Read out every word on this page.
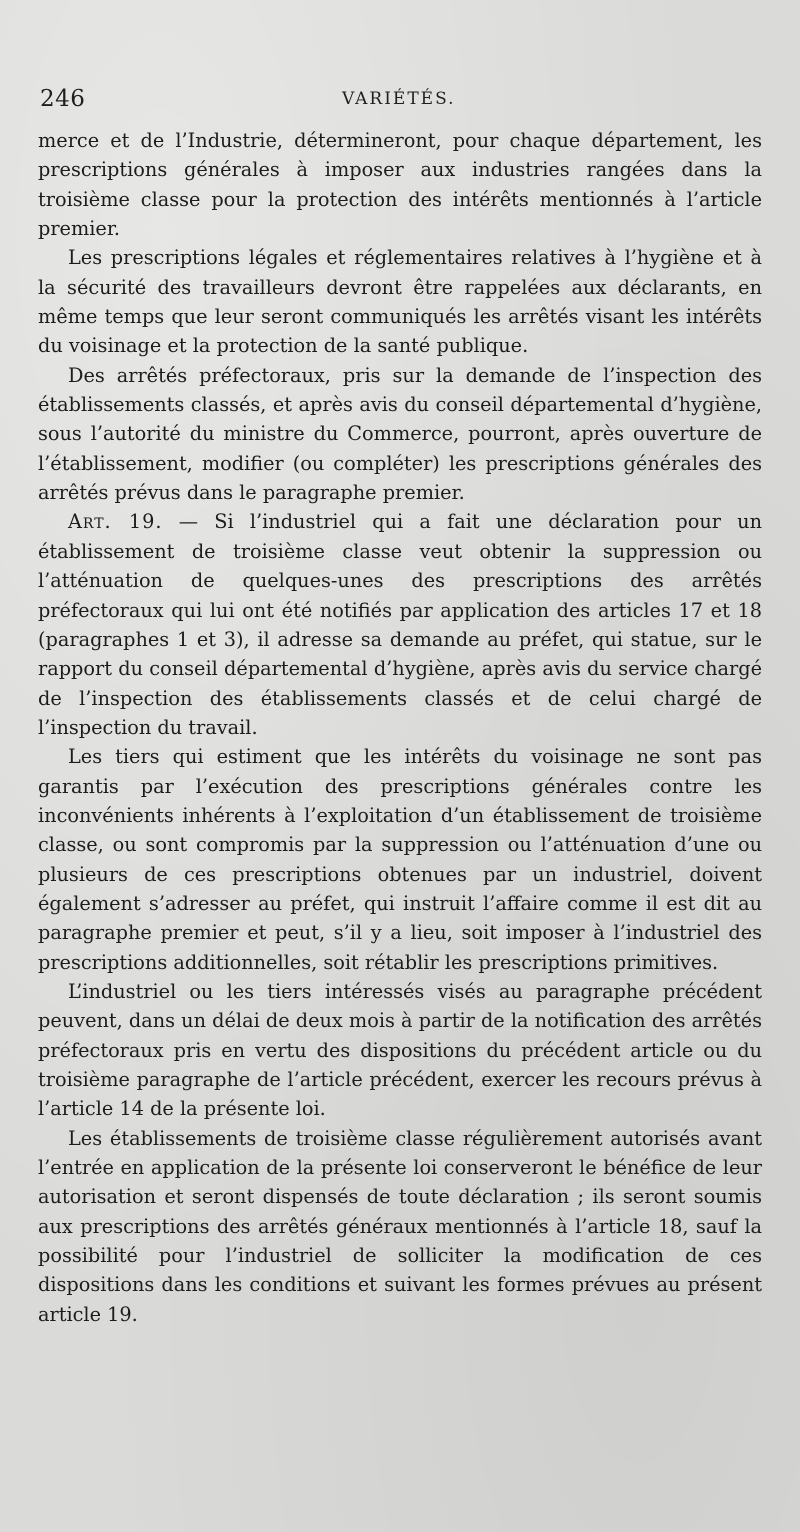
246	VARIÉTÉS.

merce et de l’Industrie, détermineront, pour chaque département, les prescriptions générales à imposer aux industries rangées dans la troisième classe pour la protection des intérêts mentionnés à l’article premier.

Les prescriptions légales et réglementaires relatives à l’hygiène et à la sécurité des travailleurs devront être rappelées aux déclarants, en même temps que leur seront communiqués les arrêtés visant les intérêts du voisinage et la protection de la santé publique.

Des arrêtés préfectoraux, pris sur la demande de l’inspection des établissements classés, et après avis du conseil départemental d’hygiène, sous l’autorité du ministre du Commerce, pourront, après ouverture de l’établissement, modifier (ou compléter) les prescriptions générales des arrêtés prévus dans le paragraphe premier.

Art. 19. — Si l’industriel qui a fait une déclaration pour un établissement de troisième classe veut obtenir la suppression ou l’atténuation de quelques-unes des prescriptions des arrêtés préfectoraux qui lui ont été notifiés par application des articles 17 et 18 (paragraphes 1 et 3), il adresse sa demande au préfet, qui statue, sur le rapport du conseil départemental d’hygiène, après avis du service chargé de l’inspection des établissements classés et de celui chargé de l’inspection du travail.

Les tiers qui estiment que les intérêts du voisinage ne sont pas garantis par l’exécution des prescriptions générales contre les inconvénients inhérents à l’exploitation d’un établissement de troisième classe, ou sont compromis par la suppression ou l’atténuation d’une ou plusieurs de ces prescriptions obtenues par un industriel, doivent également s’adresser au préfet, qui instruit l’affaire comme il est dit au paragraphe premier et peut, s’il y a lieu, soit imposer à l’industriel des prescriptions additionnelles, soit rétablir les prescriptions primitives.

L’industriel ou les tiers intéressés visés au paragraphe précédent peuvent, dans un délai de deux mois à partir de la notification des arrêtés préfectoraux pris en vertu des dispositions du précédent article ou du troisième paragraphe de l’article précédent, exercer les recours prévus à l’article 14 de la présente loi.

Les établissements de troisième classe régulièrement autorisés avant l’entrée en application de la présente loi conserveront le bénéfice de leur autorisation et seront dispensés de toute déclaration ; ils seront soumis aux prescriptions des arrêtés généraux mentionnés à l’article 18, sauf la possibilité pour l’industriel de solliciter la modification de ces dispositions dans les conditions et suivant les formes prévues au présent article 19.
